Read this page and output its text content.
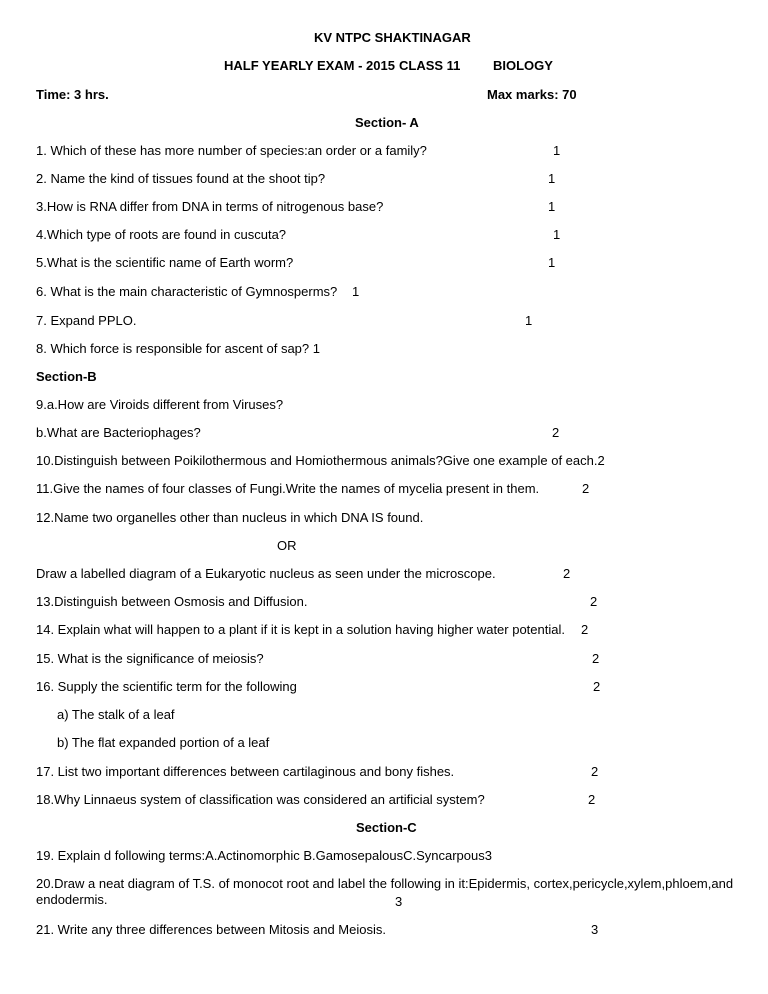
KV NTPC SHAKTINAGAR
HALF YEARLY EXAM - 2015 CLASS 11	BIOLOGY
Time: 3 hrs.	Max marks: 70
Section- A
1. Which of these has more number of species:an order or a family?	1
2. Name the kind of tissues found at the shoot tip?	1
3.How is RNA differ from DNA in terms of nitrogenous base?	1
4.Which type of roots are found in cuscuta?	1
5.What is the scientific name of Earth worm?	1
6. What is the main characteristic of Gymnosperms? 1
7. Expand PPLO.	1
8. Which force is responsible for ascent of sap? 1
Section-B
9.a.How are Viroids different from Viruses?
b.What are Bacteriophages?	2
10.Distinguish between Poikilothermous and Homiothermous animals?Give one example of each.2
11.Give the names of four classes of Fungi.Write the names of mycelia present in them.	2
12.Name two organelles other than nucleus in which DNA IS found.
OR
Draw a labelled diagram of a Eukaryotic nucleus as seen under the microscope.	2
13.Distinguish between Osmosis and Diffusion.	2
14. Explain what will happen to a plant if it is kept in a solution having higher water potential. 2
15. What is the significance of meiosis?	2
16. Supply the scientific term for the following	2
a) The stalk of a leaf
b) The flat expanded portion of a leaf
17. List two important differences between cartilaginous and bony fishes.	2
18.Why Linnaeus system of classification was considered an artificial system?	2
Section-C
19. Explain d following terms:A.Actinomorphic B.GamosepalousC.Syncarpous3
20.Draw a neat diagram of T.S. of monocot root and label the following in it:Epidermis, cortex,pericycle,xylem,phloem,and endodermis.	3
21. Write any three differences between Mitosis and Meiosis.	3
